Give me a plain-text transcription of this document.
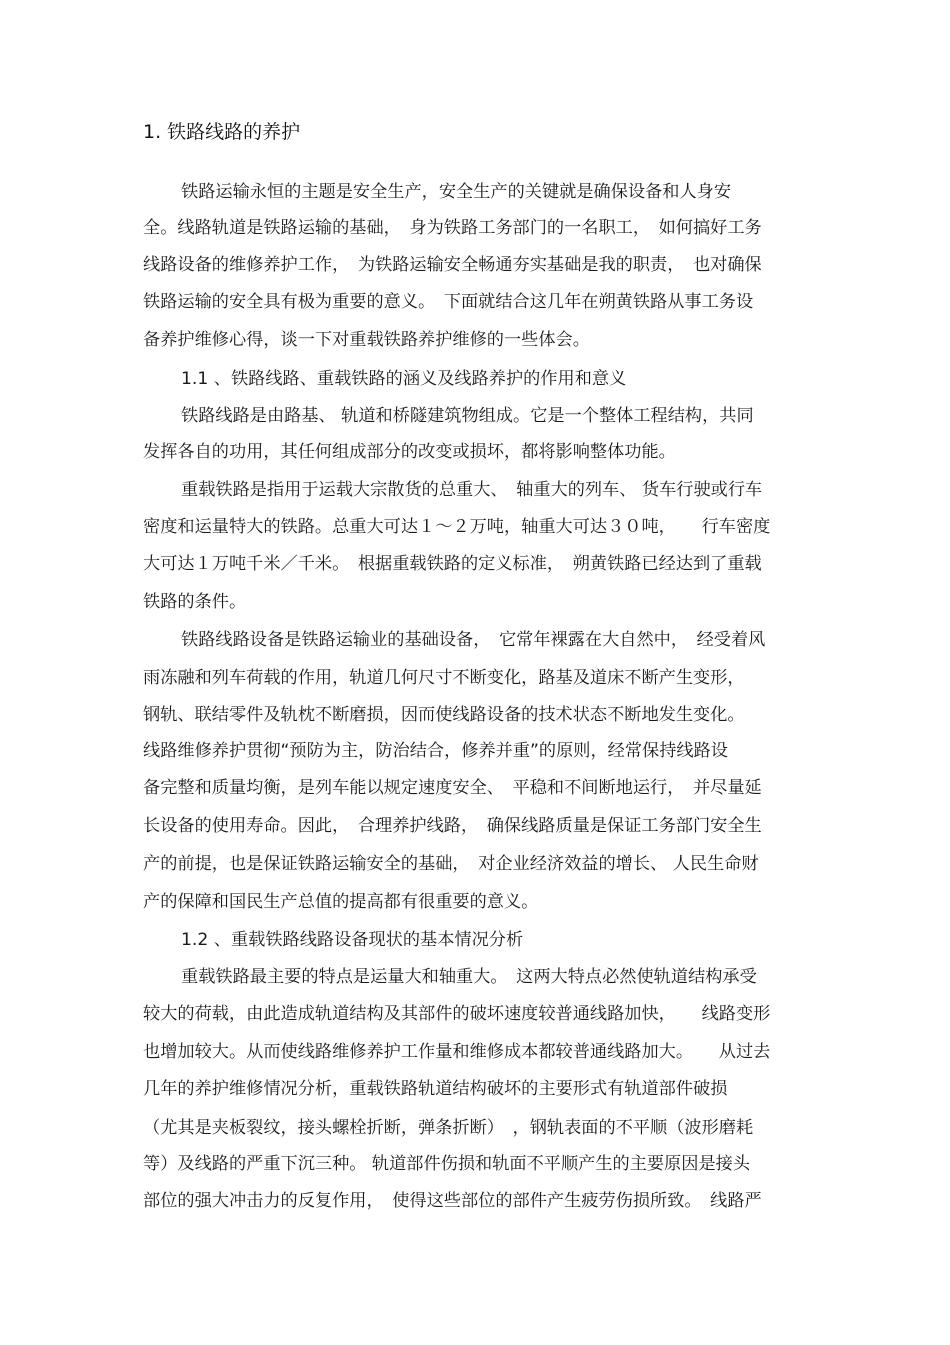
1. 铁路线路的养护
铁路运输永恒的主题是安全生产，安全生产的关键就是确保设备和人身安
全。线路轨道是铁路运输的基础，　身为铁路工务部门的一名职工，　如何搞好工务
线路设备的维修养护工作，　为铁路运输安全畅通夯实基础是我的职责，　也对确保
铁路运输的安全具有极为重要的意义。　下面就结合这几年在朔黄铁路从事工务设
备养护维修心得，谈一下对重载铁路养护维修的一些体会。
1.1 、铁路线路、重载铁路的涵义及线路养护的作用和意义
铁路线路是由路基、 轨道和桥隧建筑物组成。它是一个整体工程结构，共同
发挥各自的功用，其任何组成部分的改变或损坏，都将影响整体功能。
重载铁路是指用于运载大宗散货的总重大、　轴重大的列车、 货车行驶或行车
密度和运量特大的铁路。总重大可达１～２万吨，轴重大可达３０吨，　　行车密度
大可达１万吨千米／千米。　根据重载铁路的定义标准，　朔黄铁路已经达到了重载
铁路的条件。
铁路线路设备是铁路运输业的基础设备，　它常年裸露在大自然中，　经受着风
雨冻融和列车荷载的作用，轨道几何尺寸不断变化，路基及道床不断产生变形，
钢轨、联结零件及轨枕不断磨损，因而使线路设备的技术状态不断地发生变化。
线路维修养护贯彻“预防为主，防治结合，修养并重”的原则，经常保持线路设
备完整和质量均衡，是列车能以规定速度安全、　平稳和不间断地运行，　并尽量延
长设备的使用寿命。因此，　合理养护线路，　确保线路质量是保证工务部门安全生
产的前提，也是保证铁路运输安全的基础，　对企业经济效益的增长、 人民生命财
产的保障和国民生产总值的提高都有很重要的意义。
1.2 、重载铁路线路设备现状的基本情况分析
重载铁路最主要的特点是运量大和轴重大。　这两大特点必然使轨道结构承受
较大的荷载，由此造成轨道结构及其部件的破坏速度较普通线路加快，　　线路变形
也增加较大。从而使线路维修养护工作量和维修成本都较普通线路加大。　　从过去
几年的养护维修情况分析，重载铁路轨道结构破坏的主要形式有轨道部件破损
（尤其是夹板裂纹，接头螺栓折断，弹条折断）　，钢轨表面的不平顺（波形磨耗
等）及线路的严重下沉三种。 轨道部件伤损和轨面不平顺产生的主要原因是接头
部位的强大冲击力的反复作用，　使得这些部位的部件产生疲劳伤损所致。　线路严
